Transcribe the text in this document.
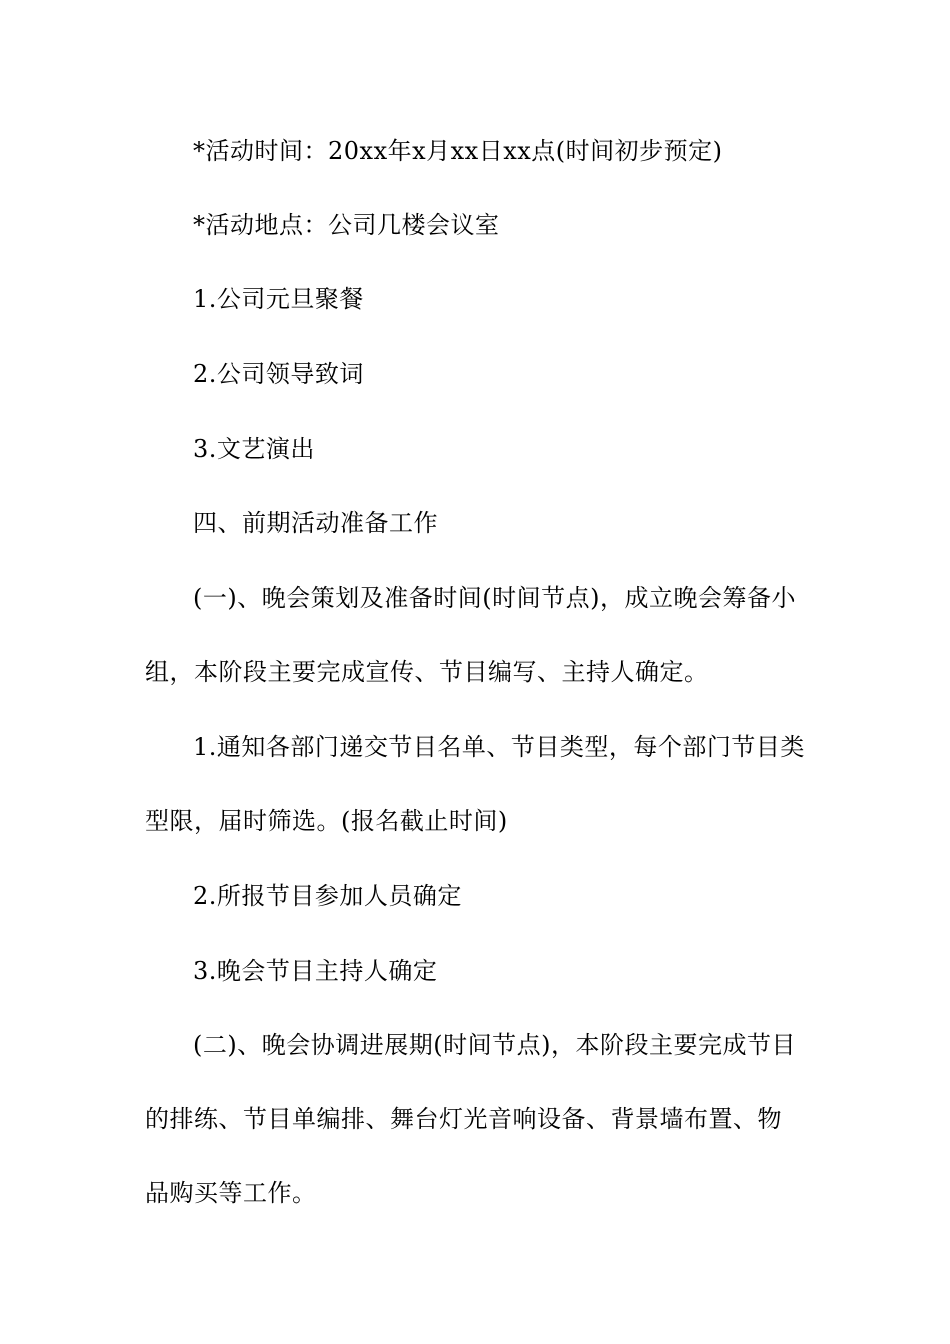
*活动时间：20xx年x月xx日xx点(时间初步预定)

*活动地点：公司几楼会议室

1.公司元旦聚餐

2.公司领导致词

3.文艺演出

四、前期活动准备工作

(一)、晚会策划及准备时间(时间节点)，成立晚会筹备小组，本阶段主要完成宣传、节目编写、主持人确定。

1.通知各部门递交节目名单、节目类型，每个部门节目类型限，届时筛选。(报名截止时间)

2.所报节目参加人员确定

3.晚会节目主持人确定

(二)、晚会协调进展期(时间节点)，本阶段主要完成节目的排练、节目单编排、舞台灯光音响设备、背景墙布置、物品购买等工作。
